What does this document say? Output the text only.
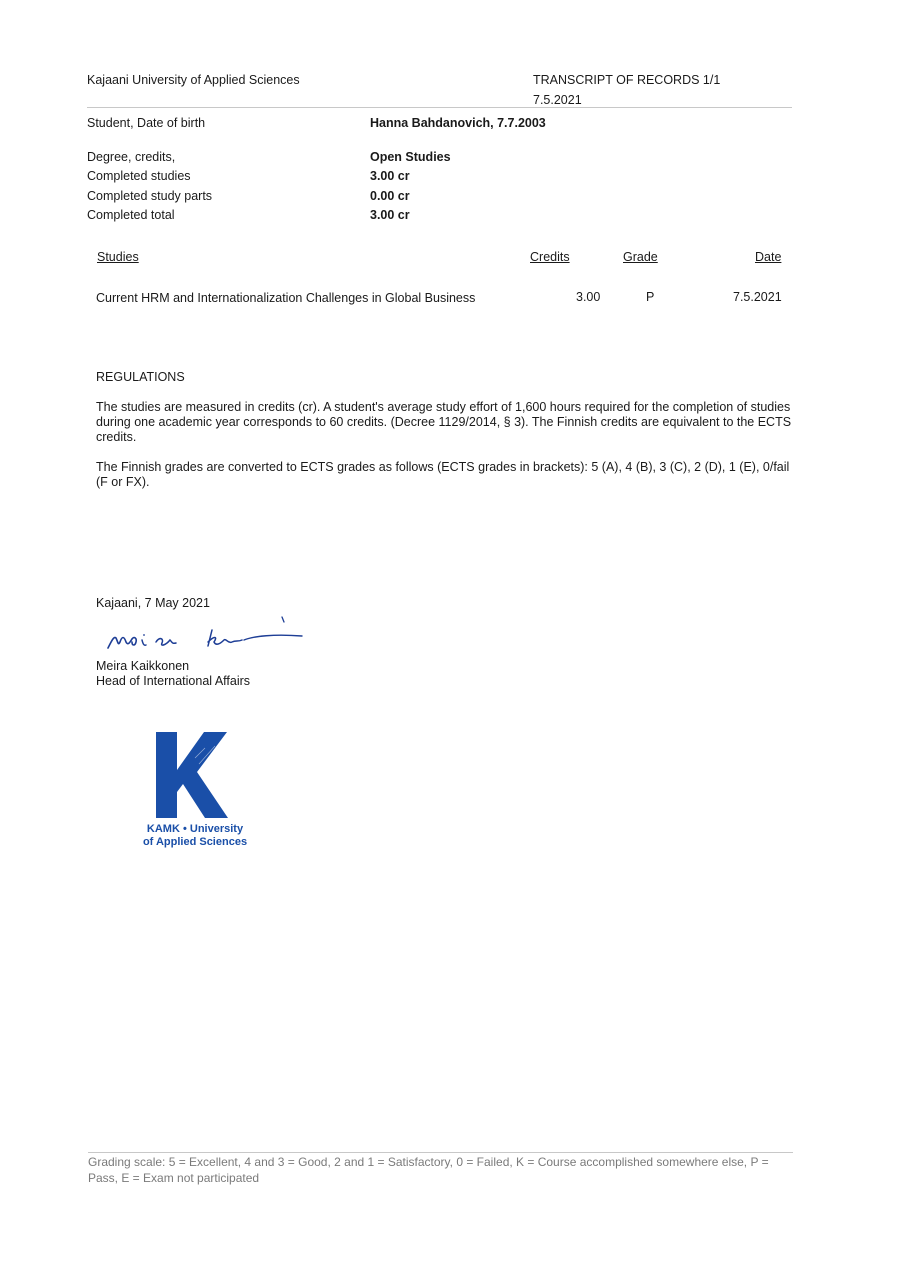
Kajaani University of Applied Sciences	TRANSCRIPT OF RECORDS 1/1
7.5.2021
Student, Date of birth	Hanna Bahdanovich, 7.7.2003
Degree, credits,	Open Studies
Completed studies	3.00 cr
Completed study parts	0.00 cr
Completed total	3.00 cr
Studies	Credits	Grade	Date
Current HRM and Internationalization Challenges in Global Business	3.00	P	7.5.2021
REGULATIONS
The studies are measured in credits (cr). A student's average study effort of 1,600 hours required for the completion of studies during one academic year corresponds to 60 credits. (Decree 1129/2014, § 3). The Finnish credits are equivalent to the ECTS credits.
The Finnish grades are converted to ECTS grades as follows (ECTS grades in brackets): 5 (A), 4 (B), 3 (C), 2 (D), 1 (E), 0/fail (F or FX).
Kajaani, 7 May 2021
Meira Kaikkonen
Head of International Affairs
KAMK • University
of Applied Sciences
Grading scale: 5 = Excellent, 4 and 3 = Good, 2 and 1 = Satisfactory, 0 = Failed, K = Course accomplished somewhere else, P = Pass, E = Exam not participated
